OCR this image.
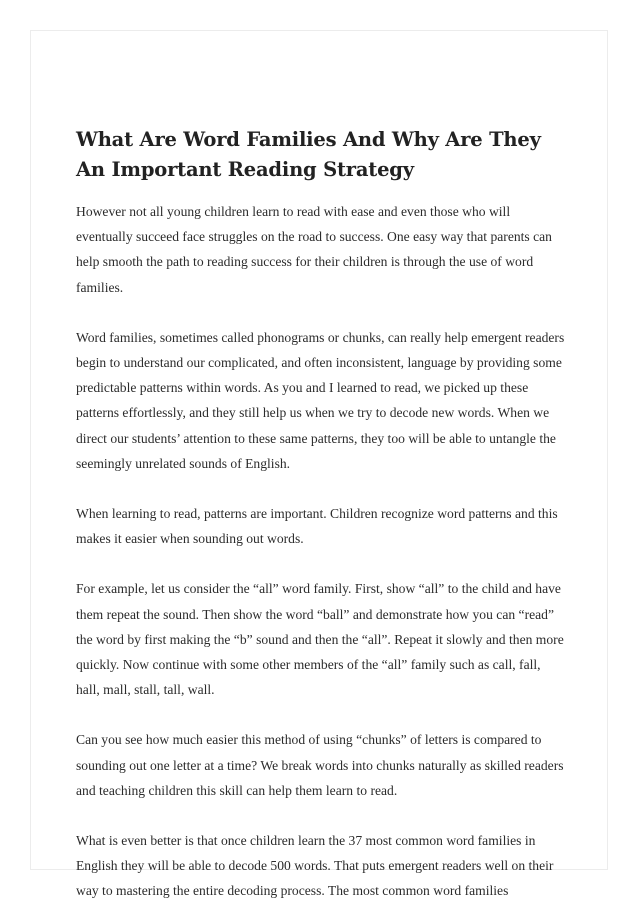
What Are Word Families And Why Are They An Important Reading Strategy

However not all young children learn to read with ease and even those who will eventually succeed face struggles on the road to success. One easy way that parents can help smooth the path to reading success for their children is through the use of word families.

Word families, sometimes called phonograms or chunks, can really help emergent readers begin to understand our complicated, and often inconsistent, language by providing some predictable patterns within words. As you and I learned to read, we picked up these patterns effortlessly, and they still help us when we try to decode new words. When we direct our students’ attention to these same patterns, they too will be able to untangle the seemingly unrelated sounds of English.

When learning to read, patterns are important. Children recognize word patterns and this makes it easier when sounding out words.

For example, let us consider the “all” word family. First, show “all” to the child and have them repeat the sound. Then show the word “ball” and demonstrate how you can “read” the word by first making the “b” sound and then the “all”. Repeat it slowly and then more quickly. Now continue with some other members of the “all” family such as call, fall, hall, mall, stall, tall, wall.

Can you see how much easier this method of using “chunks” of letters is compared to sounding out one letter at a time? We break words into chunks naturally as skilled readers and teaching children this skill can help them learn to read.

What is even better is that once children learn the 37 most common word families in English they will be able to decode 500 words. That puts emergent readers well on their way to mastering the entire decoding process. The most common word families
